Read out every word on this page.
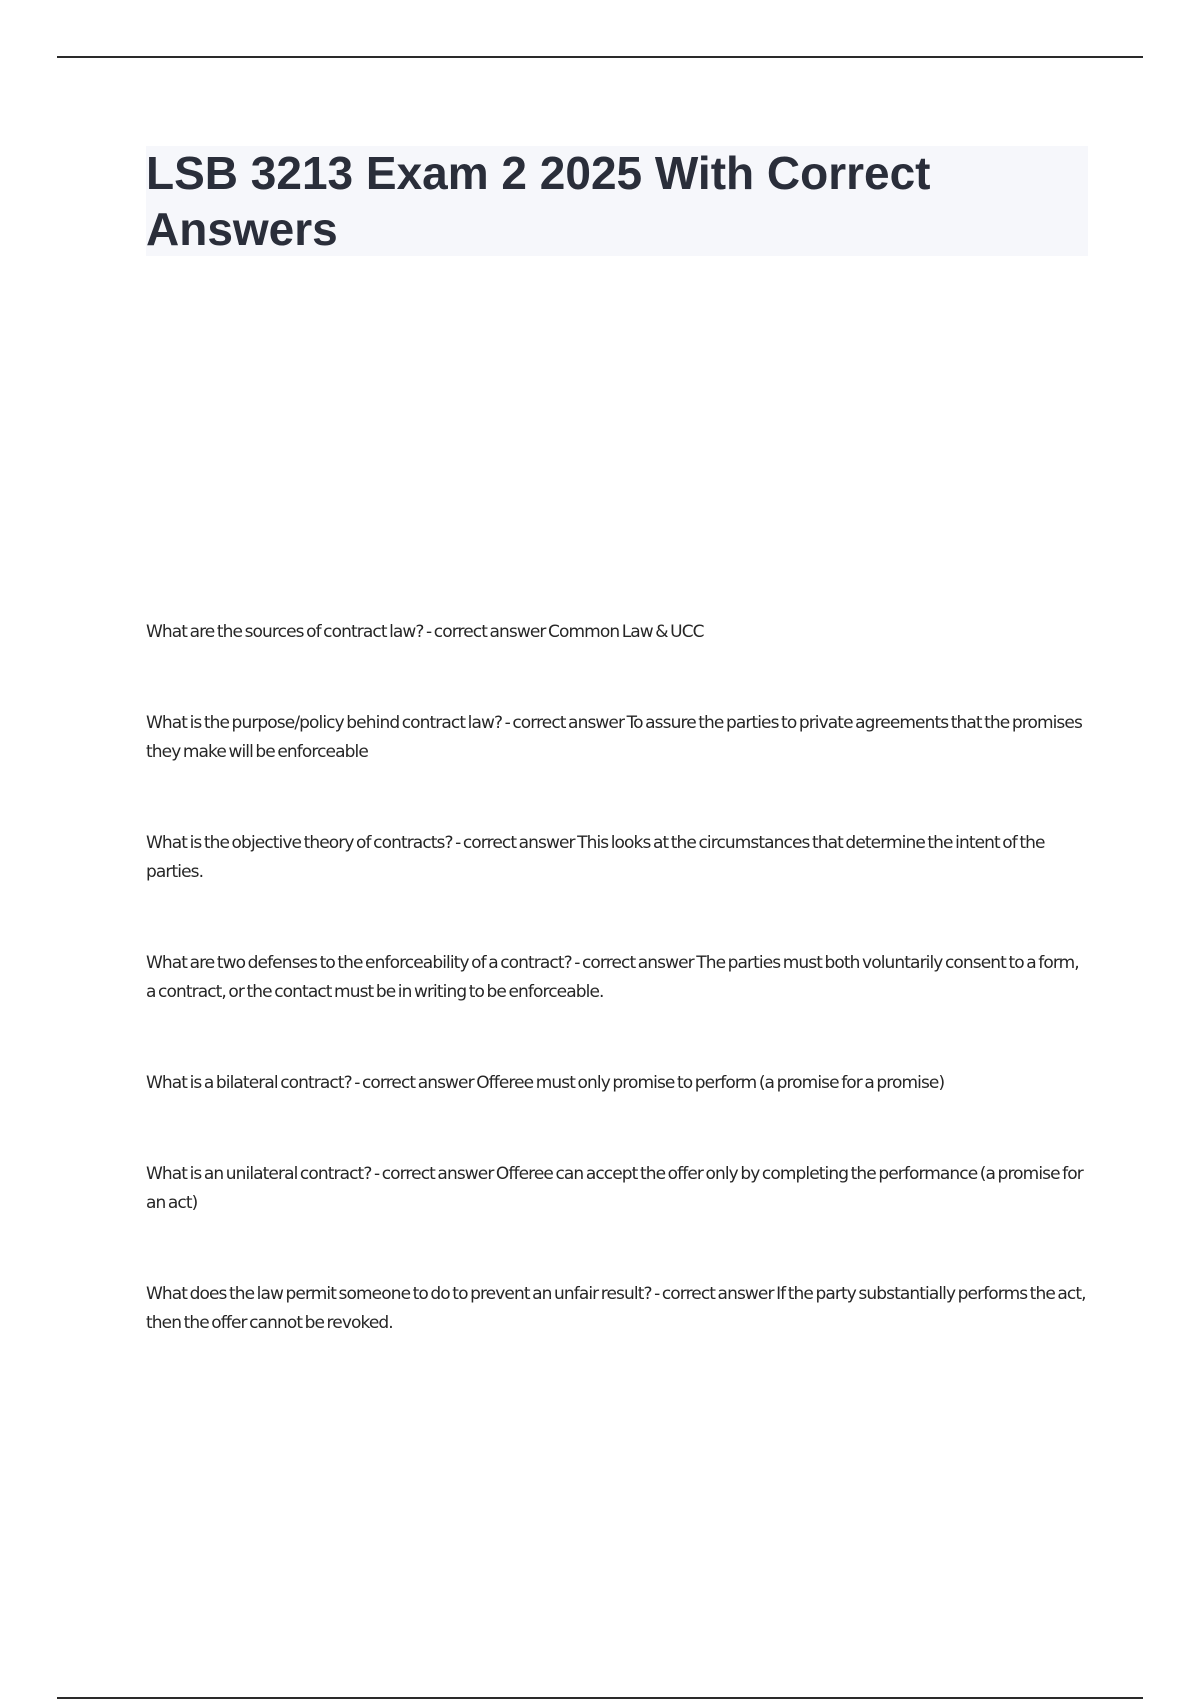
LSB 3213 Exam 2 2025 With Correct Answers

What are the sources of contract law? - correct answer Common Law & UCC

What is the purpose/policy behind contract law? - correct answer To assure the parties to private agreements that the promises they make will be enforceable

What is the objective theory of contracts? - correct answer This looks at the circumstances that determine the intent of the parties.

What are two defenses to the enforceability of a contract? - correct answer The parties must both voluntarily consent to a form, a contract, or the contact must be in writing to be enforceable.

What is a bilateral contract? - correct answer Offeree must only promise to perform (a promise for a promise)

What is an unilateral contract? - correct answer Offeree can accept the offer only by completing the performance (a promise for an act)

What does the law permit someone to do to prevent an unfair result? - correct answer If the party substantially performs the act, then the offer cannot be revoked.
